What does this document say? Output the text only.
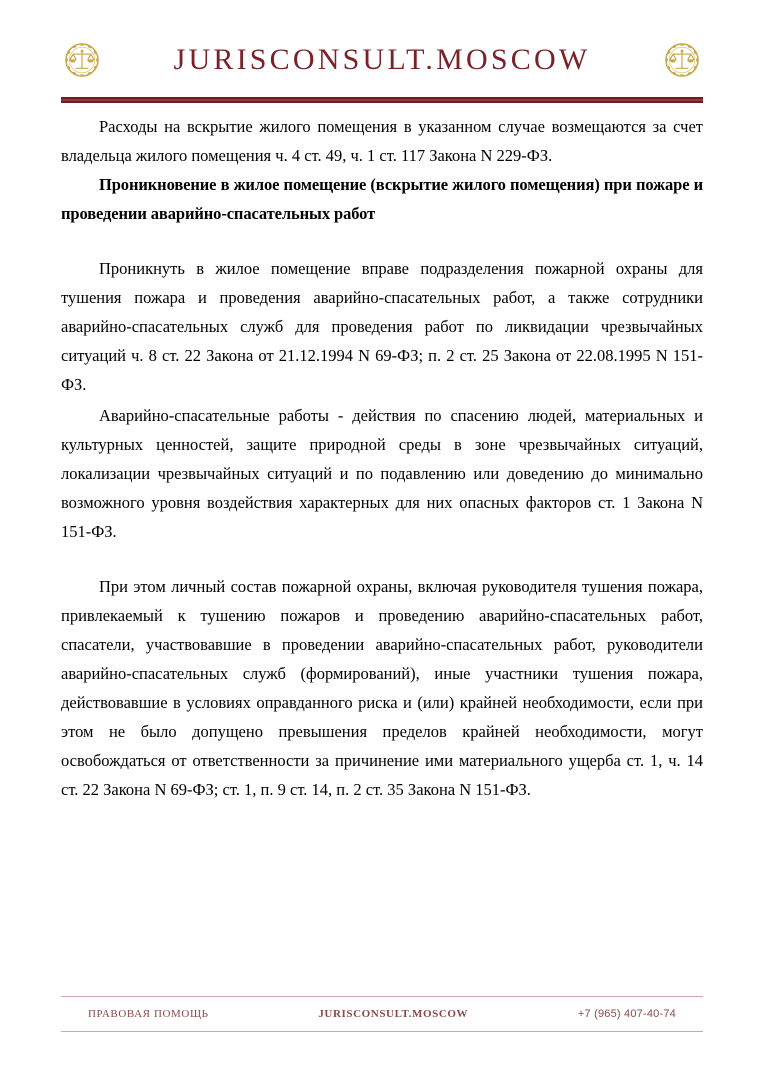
JURISCONSULT.MOSCOW

Расходы на вскрытие жилого помещения в указанном случае возмещаются за счет владельца жилого помещения ч. 4 ст. 49, ч. 1 ст. 117 Закона N 229-ФЗ.

Проникновение в жилое помещение (вскрытие жилого помещения) при пожаре и проведении аварийно-спасательных работ

Проникнуть в жилое помещение вправе подразделения пожарной охраны для тушения пожара и проведения аварийно-спасательных работ, а также сотрудники аварийно-спасательных служб для проведения работ по ликвидации чрезвычайных ситуаций ч. 8 ст. 22 Закона от 21.12.1994 N 69-ФЗ; п. 2 ст. 25 Закона от 22.08.1995 N 151-ФЗ.

Аварийно-спасательные работы - действия по спасению людей, материальных и культурных ценностей, защите природной среды в зоне чрезвычайных ситуаций, локализации чрезвычайных ситуаций и по подавлению или доведению до минимально возможного уровня воздействия характерных для них опасных факторов ст. 1 Закона N 151-ФЗ.

При этом личный состав пожарной охраны, включая руководителя тушения пожара, привлекаемый к тушению пожаров и проведению аварийно-спасательных работ, спасатели, участвовавшие в проведении аварийно-спасательных работ, руководители аварийно-спасательных служб (формирований), иные участники тушения пожара, действовавшие в условиях оправданного риска и (или) крайней необходимости, если при этом не было допущено превышения пределов крайней необходимости, могут освобождаться от ответственности за причинение ими материального ущерба ст. 1, ч. 14 ст. 22 Закона N 69-ФЗ; ст. 1, п. 9 ст. 14, п. 2 ст. 35 Закона N 151-ФЗ.

ПРАВОВАЯ ПОМОЩЬ	JURISCONSULT.MOSCOW	+7 (965) 407-40-74
